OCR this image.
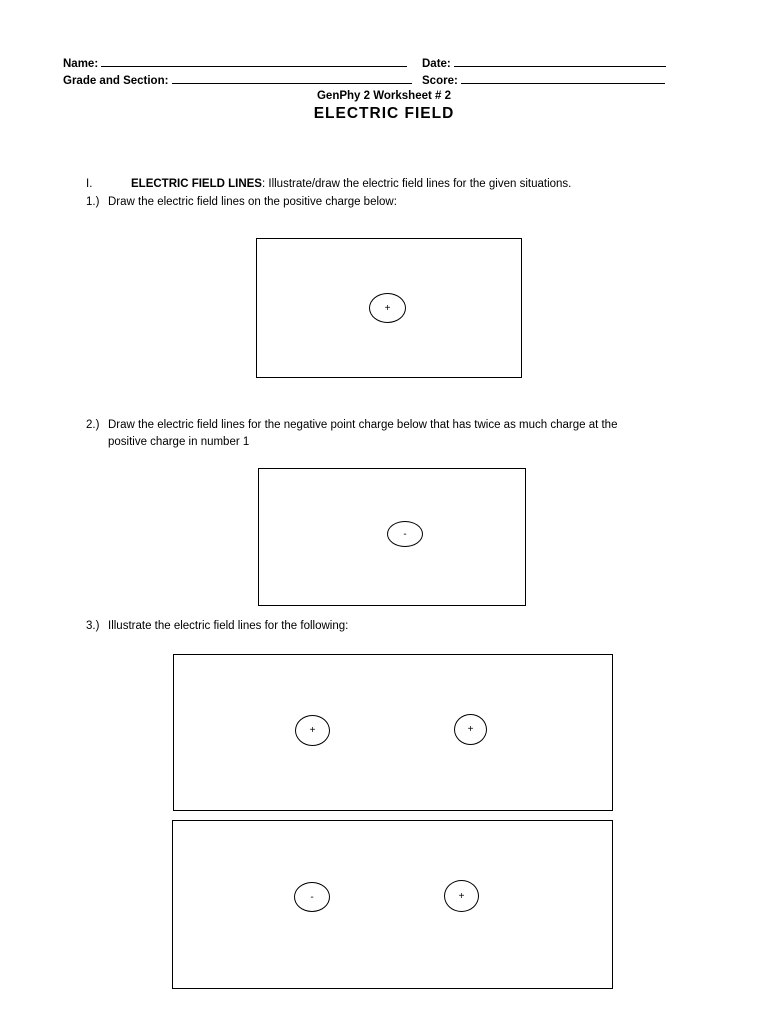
Name:	Date:
Grade and Section:	Score:
GenPhy 2 Worksheet # 2
ELECTRIC FIELD
I.	ELECTRIC FIELD LINES: Illustrate/draw the electric field lines for the given situations.
1.) Draw the electric field lines on the positive charge below:
+
2.) Draw the electric field lines for the negative point charge below that has twice as much charge at the
positive charge in number 1
-
3.) Illustrate the electric field lines for the following:
+	+
-	+
